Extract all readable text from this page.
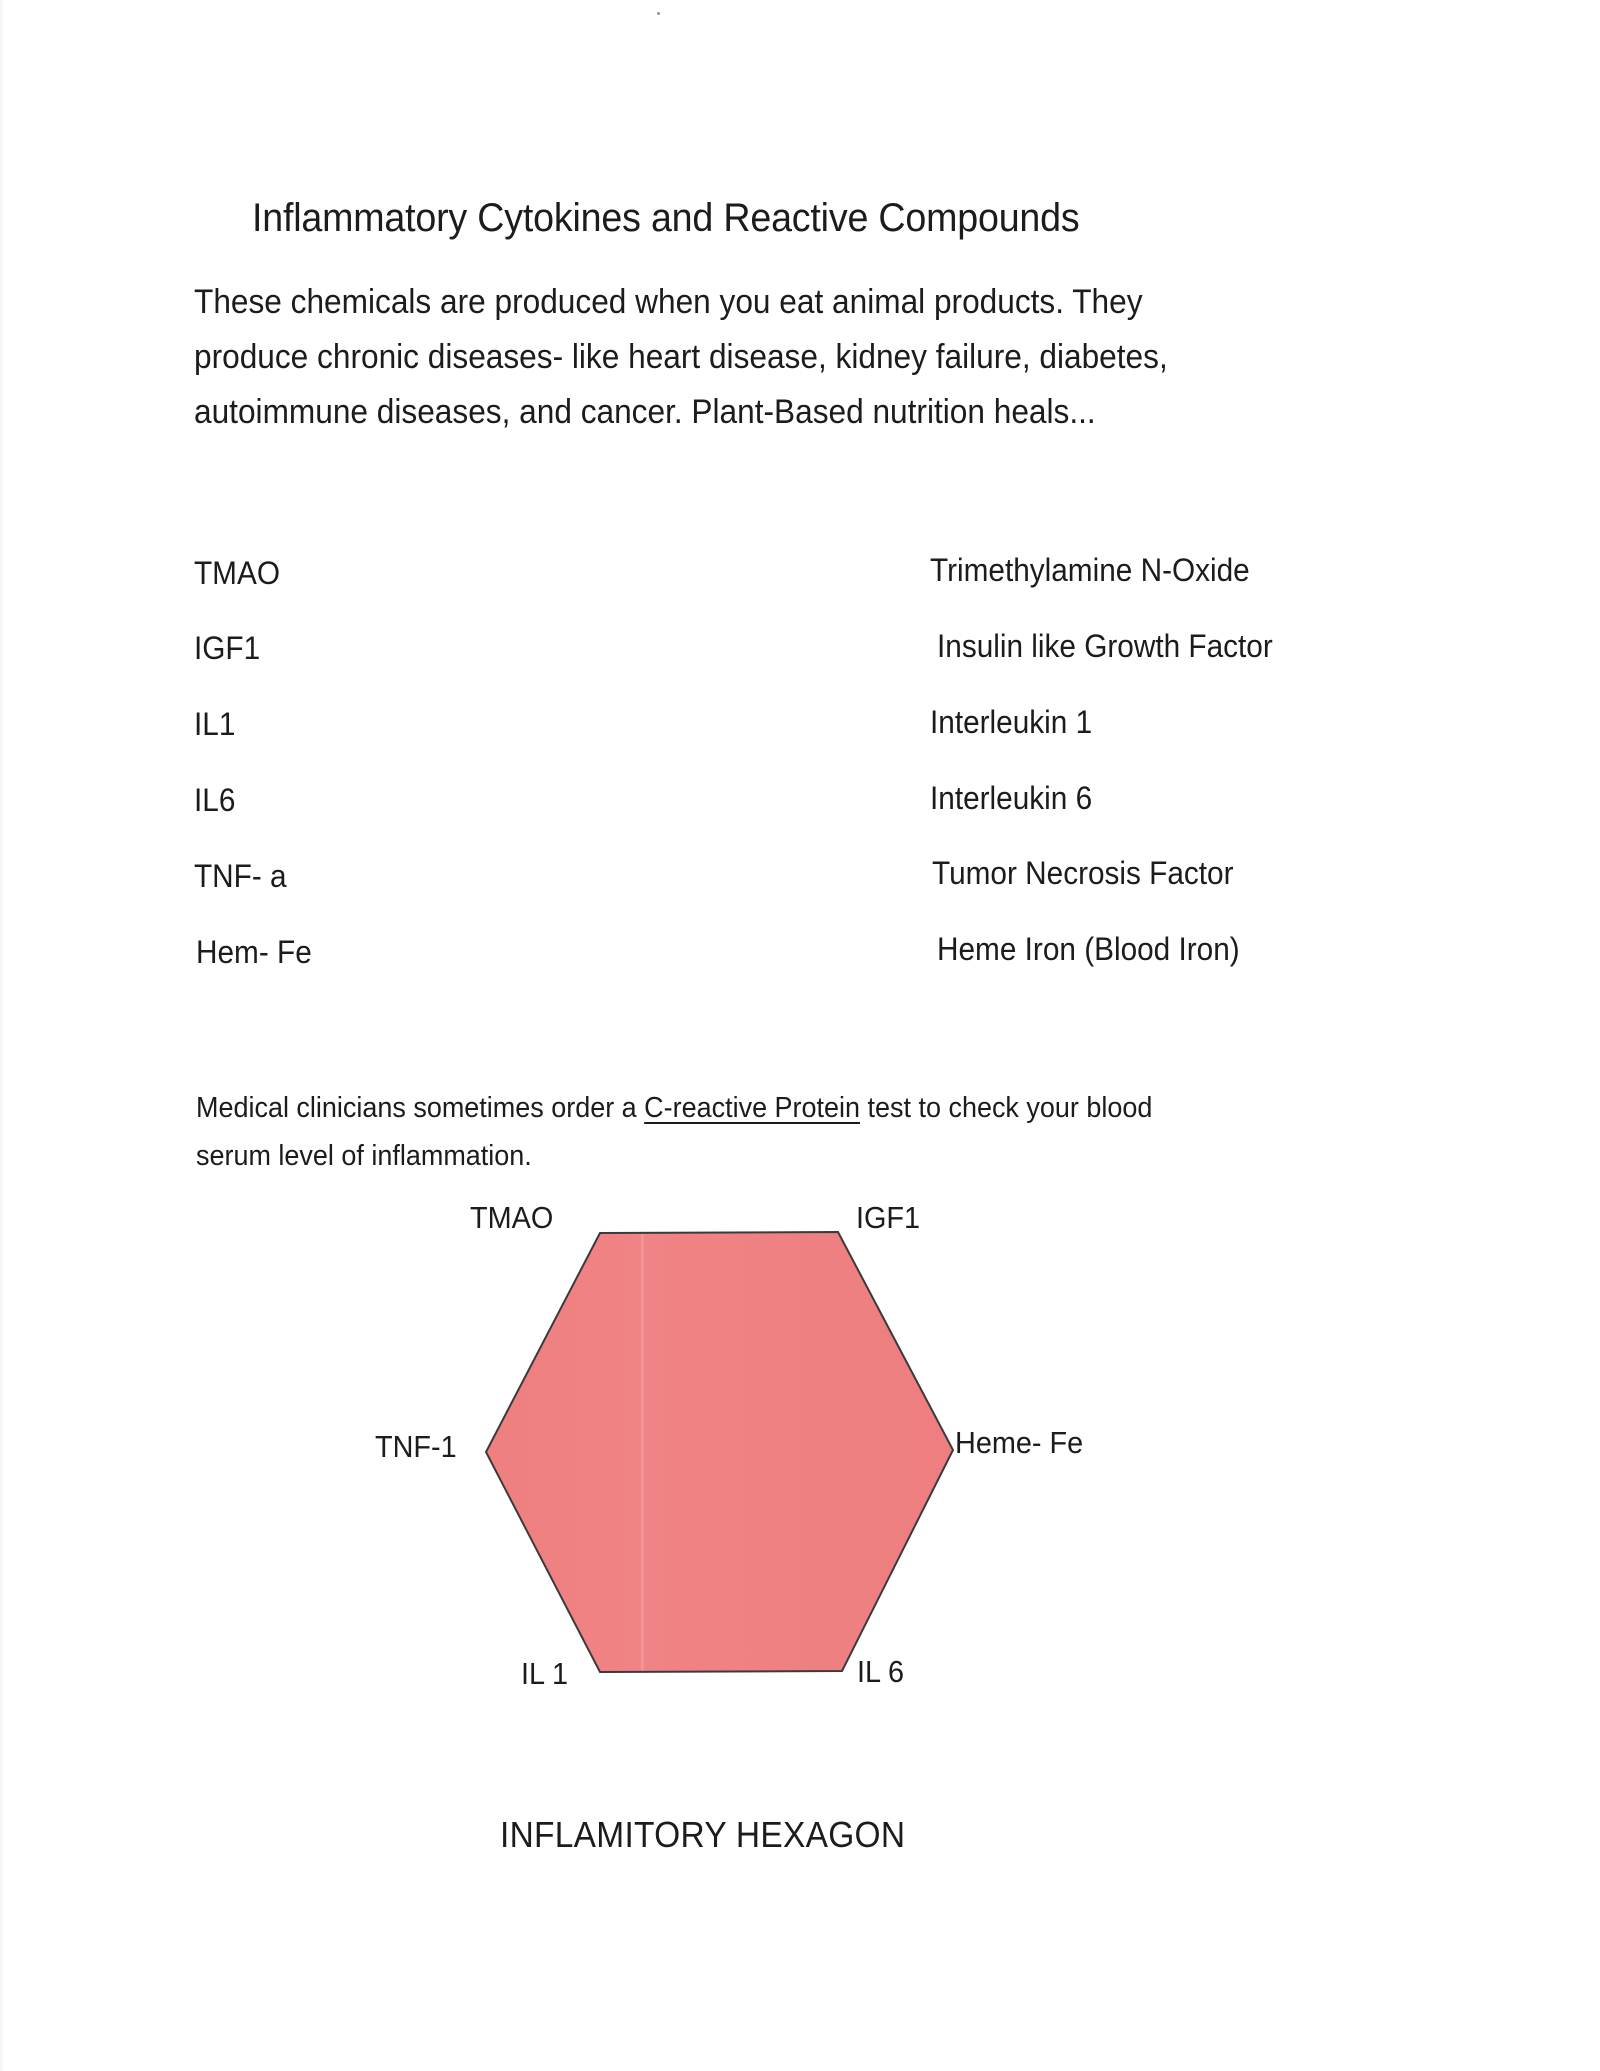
Inflammatory Cytokines and Reactive Compounds
These chemicals are produced when you eat animal products. They
produce chronic diseases- like heart disease, kidney failure, diabetes,
autoimmune diseases, and cancer. Plant-Based nutrition heals...
TMAO	Trimethylamine N-Oxide
IGF1	Insulin like Growth Factor
IL1	Interleukin 1
IL6	Interleukin 6
TNF- a	Tumor Necrosis Factor
Hem- Fe	Heme Iron (Blood Iron)
Medical clinicians sometimes order a C-reactive Protein test to check your blood
serum level of inflammation.
TMAO	IGF1
TNF-1	Heme- Fe
IL 1	IL 6
INFLAMITORY HEXAGON
